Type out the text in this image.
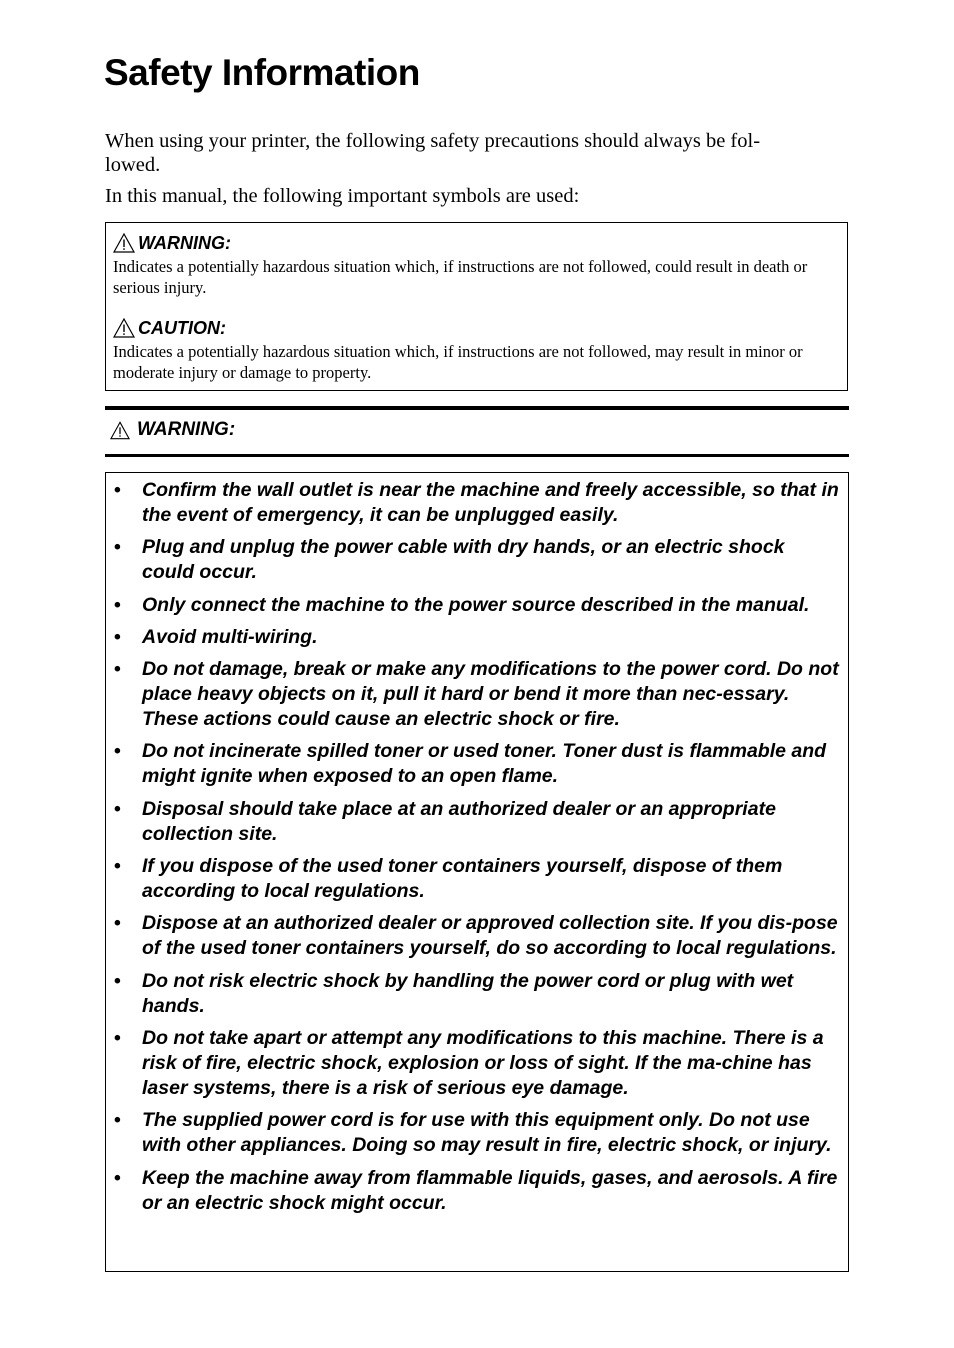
Safety Information

When using your printer, the following safety precautions should always be fol-

lowed.

In this manual, the following important symbols are used:

WARNING:
Indicates a potentially hazardous situation which, if instructions are not followed, could result in death or serious injury.
CAUTION:
Indicates a potentially hazardous situation which, if instructions are not followed, may result in minor or moderate injury or damage to property.
WARNING:
• Confirm the wall outlet is near the machine and freely accessible, so that in the event of emergency, it can be unplugged easily.
• Plug and unplug the power cable with dry hands, or an electric shock could occur.
• Only connect the machine to the power source described in the manual.
• Avoid multi-wiring.
• Do not damage, break or make any modifications to the power cord. Do not place heavy objects on it, pull it hard or bend it more than nec-essary. These actions could cause an electric shock or fire.
• Do not incinerate spilled toner or used toner. Toner dust is flammable and might ignite when exposed to an open flame.
• Disposal should take place at an authorized dealer or an appropriate collection site.
• If you dispose of the used toner containers yourself, dispose of them according to local regulations.
• Dispose at an authorized dealer or approved collection site. If you dis-pose of the used toner containers yourself, do so according to local regulations.
• Do not risk electric shock by handling the power cord or plug with wet hands.
• Do not take apart or attempt any modifications to this machine. There is a risk of fire, electric shock, explosion or loss of sight. If the ma-chine has laser systems, there is a risk of serious eye damage.
• The supplied power cord is for use with this equipment only. Do not use with other appliances. Doing so may result in fire, electric shock, or injury.
• Keep the machine away from flammable liquids, gases, and aerosols. A fire or an electric shock might occur.
